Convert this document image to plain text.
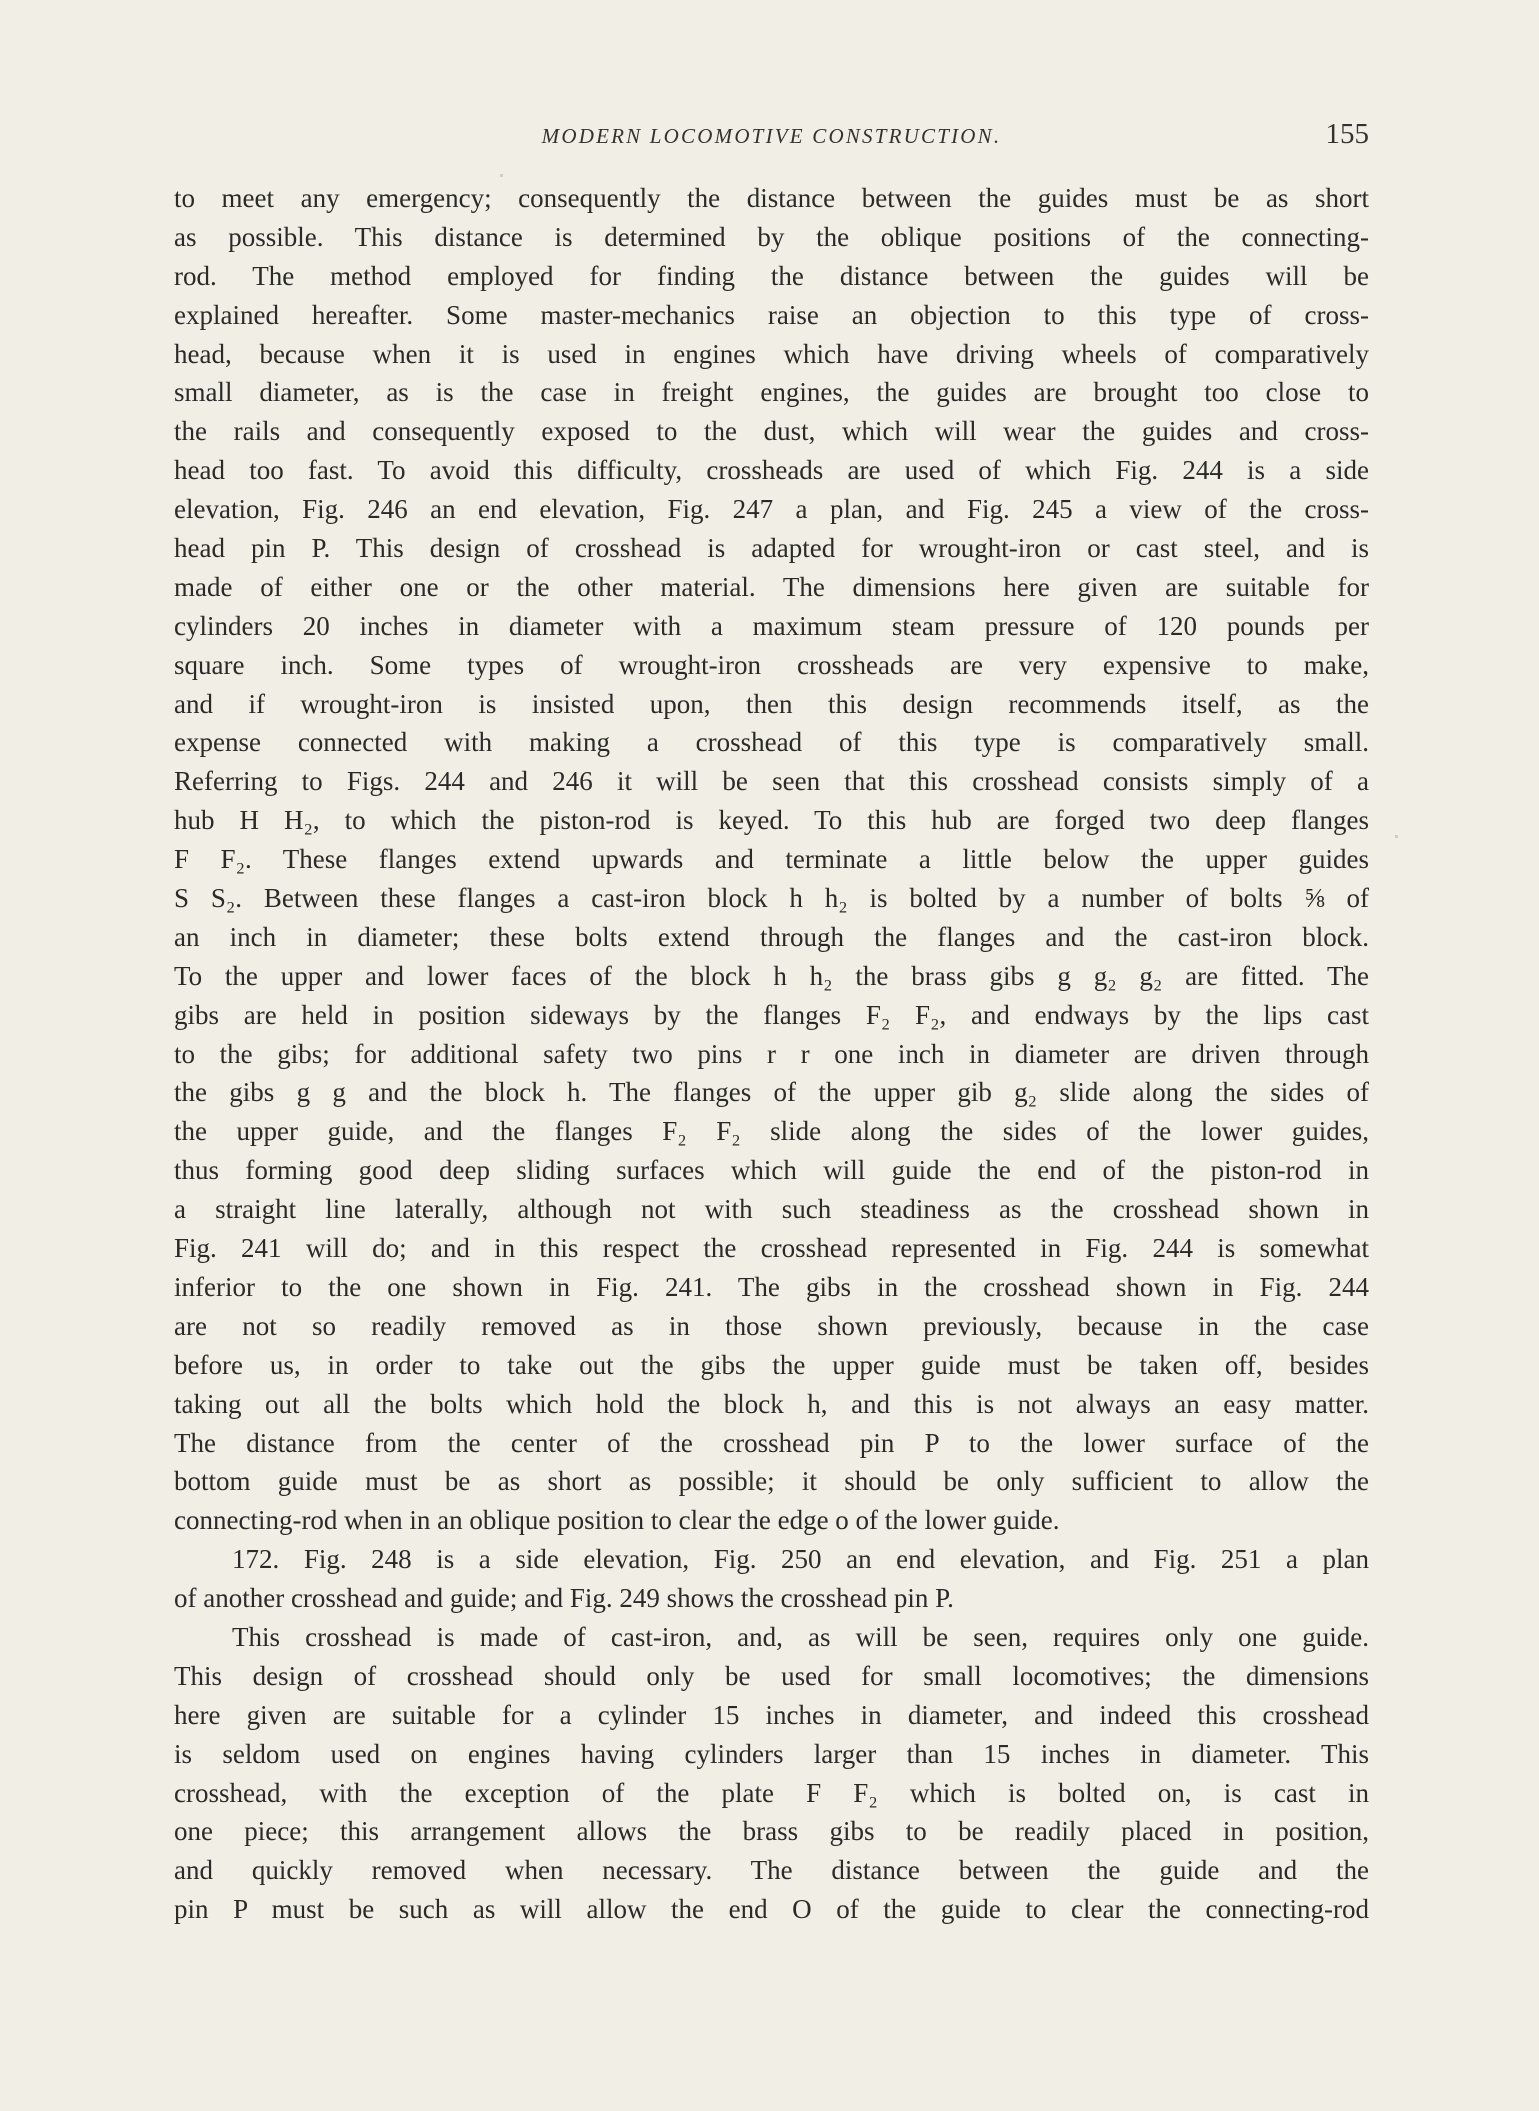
MODERN LOCOMOTIVE CONSTRUCTION.	155
to meet any emergency; consequently the distance between the guides must be as short
as possible. This distance is determined by the oblique positions of the connecting-
rod. The method employed for finding the distance between the guides will be
explained hereafter. Some master-mechanics raise an objection to this type of cross-
head, because when it is used in engines which have driving wheels of comparatively
small diameter, as is the case in freight engines, the guides are brought too close to
the rails and consequently exposed to the dust, which will wear the guides and cross-
head too fast. To avoid this difficulty, crossheads are used of which Fig. 244 is a side
elevation, Fig. 246 an end elevation, Fig. 247 a plan, and Fig. 245 a view of the cross-
head pin P. This design of crosshead is adapted for wrought-iron or cast steel, and is
made of either one or the other material. The dimensions here given are suitable for
cylinders 20 inches in diameter with a maximum steam pressure of 120 pounds per
square inch. Some types of wrought-iron crossheads are very expensive to make,
and if wrought-iron is insisted upon, then this design recommends itself, as the
expense connected with making a crosshead of this type is comparatively small.
Referring to Figs. 244 and 246 it will be seen that this crosshead consists simply of a
hub H H₂, to which the piston-rod is keyed. To this hub are forged two deep flanges
F F₂. These flanges extend upwards and terminate a little below the upper guides
S S₂. Between these flanges a cast-iron block h h₂ is bolted by a number of bolts ⅝ of
an inch in diameter; these bolts extend through the flanges and the cast-iron block.
To the upper and lower faces of the block h h₂ the brass gibs g g₂ g₂ are fitted. The
gibs are held in position sideways by the flanges F₂ F₂, and endways by the lips cast
to the gibs; for additional safety two pins r r one inch in diameter are driven through
the gibs g g and the block h. The flanges of the upper gib g₂ slide along the sides of
the upper guide, and the flanges F₂ F₂ slide along the sides of the lower guides,
thus forming good deep sliding surfaces which will guide the end of the piston-rod in
a straight line laterally, although not with such steadiness as the crosshead shown in
Fig. 241 will do; and in this respect the crosshead represented in Fig. 244 is somewhat
inferior to the one shown in Fig. 241. The gibs in the crosshead shown in Fig. 244
are not so readily removed as in those shown previously, because in the case
before us, in order to take out the gibs the upper guide must be taken off, besides
taking out all the bolts which hold the block h, and this is not always an easy matter.
The distance from the center of the crosshead pin P to the lower surface of the
bottom guide must be as short as possible; it should be only sufficient to allow the
connecting-rod when in an oblique position to clear the edge o of the lower guide.
172. Fig. 248 is a side elevation, Fig. 250 an end elevation, and Fig. 251 a plan
of another crosshead and guide; and Fig. 249 shows the crosshead pin P.
This crosshead is made of cast-iron, and, as will be seen, requires only one guide.
This design of crosshead should only be used for small locomotives; the dimensions
here given are suitable for a cylinder 15 inches in diameter, and indeed this crosshead
is seldom used on engines having cylinders larger than 15 inches in diameter. This
crosshead, with the exception of the plate F F₂ which is bolted on, is cast in
one piece; this arrangement allows the brass gibs to be readily placed in position,
and quickly removed when necessary. The distance between the guide and the
pin P must be such as will allow the end O of the guide to clear the connecting-rod
